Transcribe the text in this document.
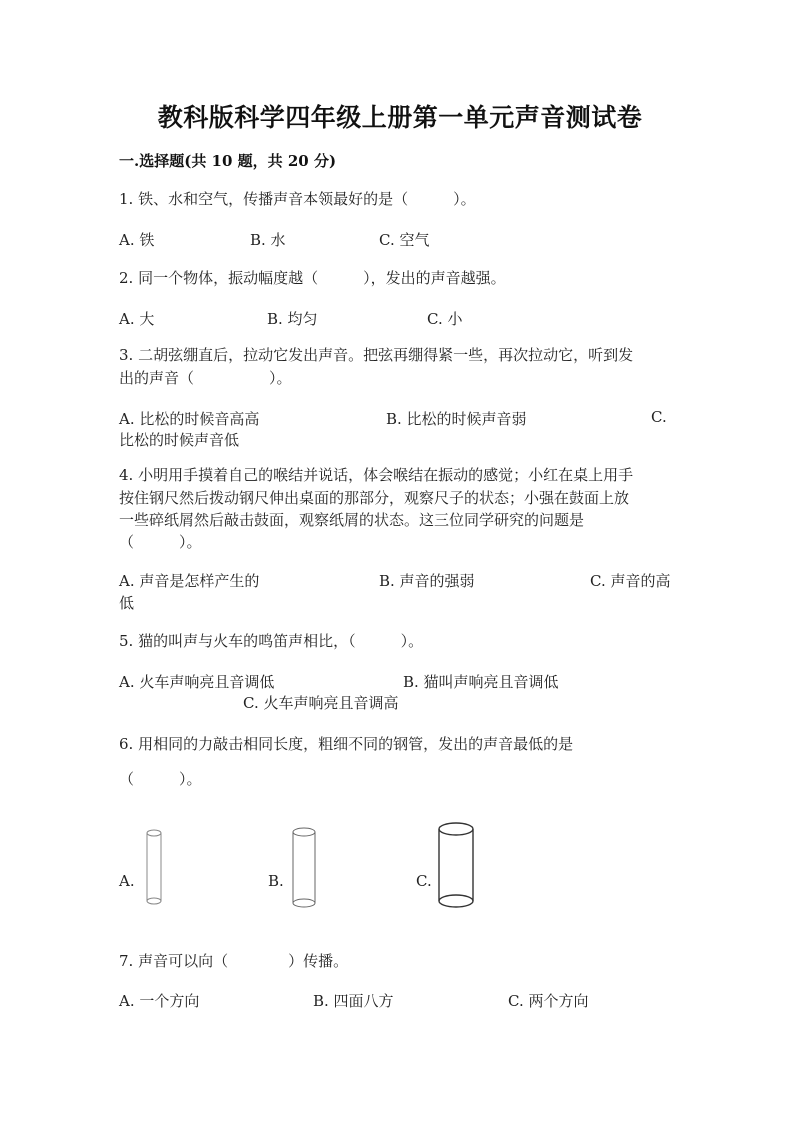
教科版科学四年级上册第一单元声音测试卷
一.选择题(共 10 题，共 20 分)
1. 铁、水和空气，传播声音本领最好的是（　　　）。
A. 铁	B. 水	C. 空气
2. 同一个物体，振动幅度越（　　　），发出的声音越强。
A. 大	B. 均匀	C. 小
3. 二胡弦绷直后，拉动它发出声音。把弦再绷得紧一些，再次拉动它，听到发
出的声音（　　　　　）。
A. 比松的时候音高高	B. 比松的时候声音弱	C.
比松的时候声音低
4. 小明用手摸着自己的喉结并说话，体会喉结在振动的感觉；小红在桌上用手
按住钢尺然后拨动钢尺伸出桌面的那部分，观察尺子的状态；小强在鼓面上放
一些碎纸屑然后敲击鼓面，观察纸屑的状态。这三位同学研究的问题是
（　　　）。
A. 声音是怎样产生的	B. 声音的强弱	C. 声音的高
低
5. 猫的叫声与火车的鸣笛声相比，（　　　）。
A. 火车声响亮且音调低	B. 猫叫声响亮且音调低
C. 火车声响亮且音调高
6. 用相同的力敲击相同长度，粗细不同的钢管，发出的声音最低的是
（　　　）。
A.	B.	C.
7. 声音可以向（　　　　）传播。
A. 一个方向	B. 四面八方	C. 两个方向
